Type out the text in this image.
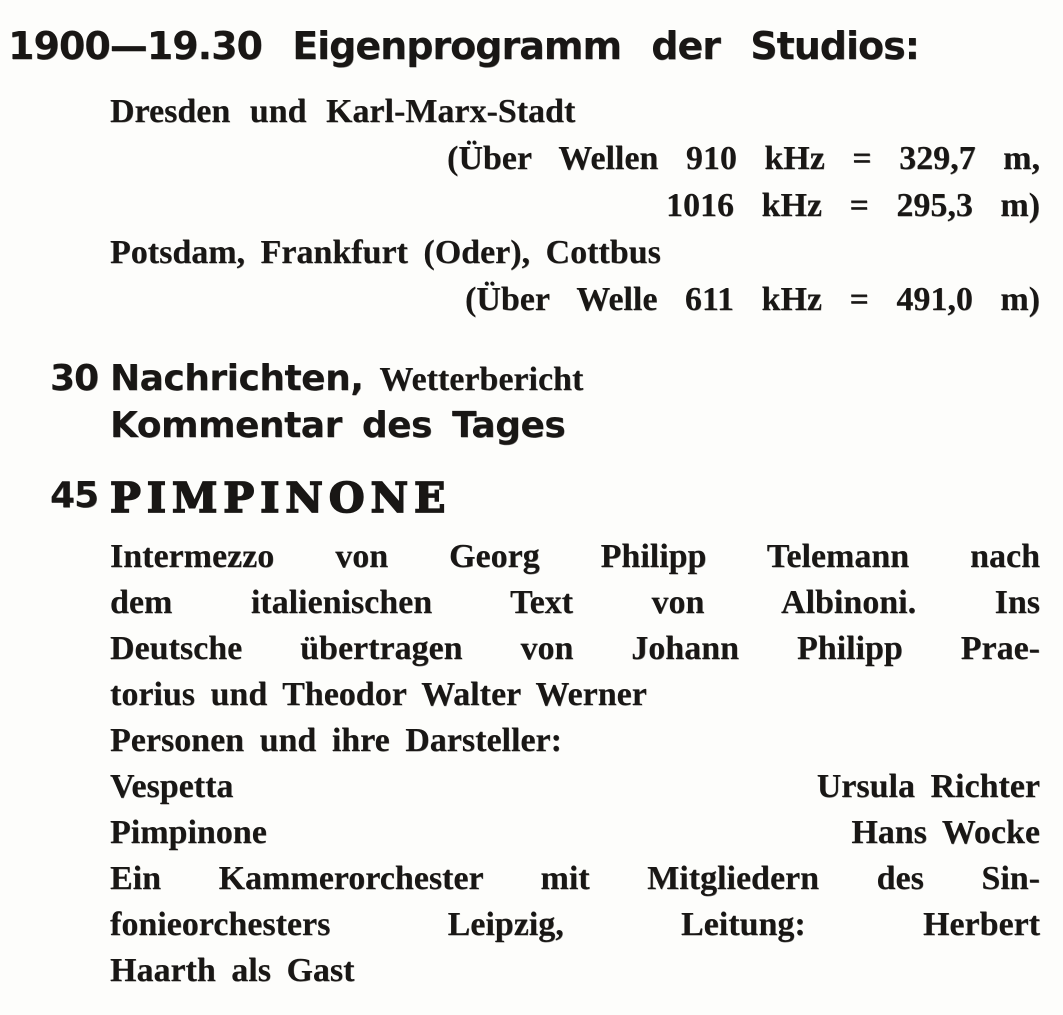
1900—19.30 Eigenprogramm der Studios:
Dresden und Karl-Marx-Stadt
(Über Wellen 910 kHz = 329,7 m,
1016 kHz = 295,3 m)
Potsdam, Frankfurt (Oder), Cottbus
(Über Welle 611 kHz = 491,0 m)
30 Nachrichten, Wetterbericht
Kommentar des Tages
45 PIMPINONE
Intermezzo von Georg Philipp Telemann nach
dem italienischen Text von Albinoni. Ins
Deutsche übertragen von Johann Philipp Prae-
torius und Theodor Walter Werner
Personen und ihre Darsteller:
Vespetta	Ursula Richter
Pimpinone	Hans Wocke
Ein Kammerorchester mit Mitgliedern des Sin-
fonieorchesters Leipzig, Leitung: Herbert
Haarth als Gast
